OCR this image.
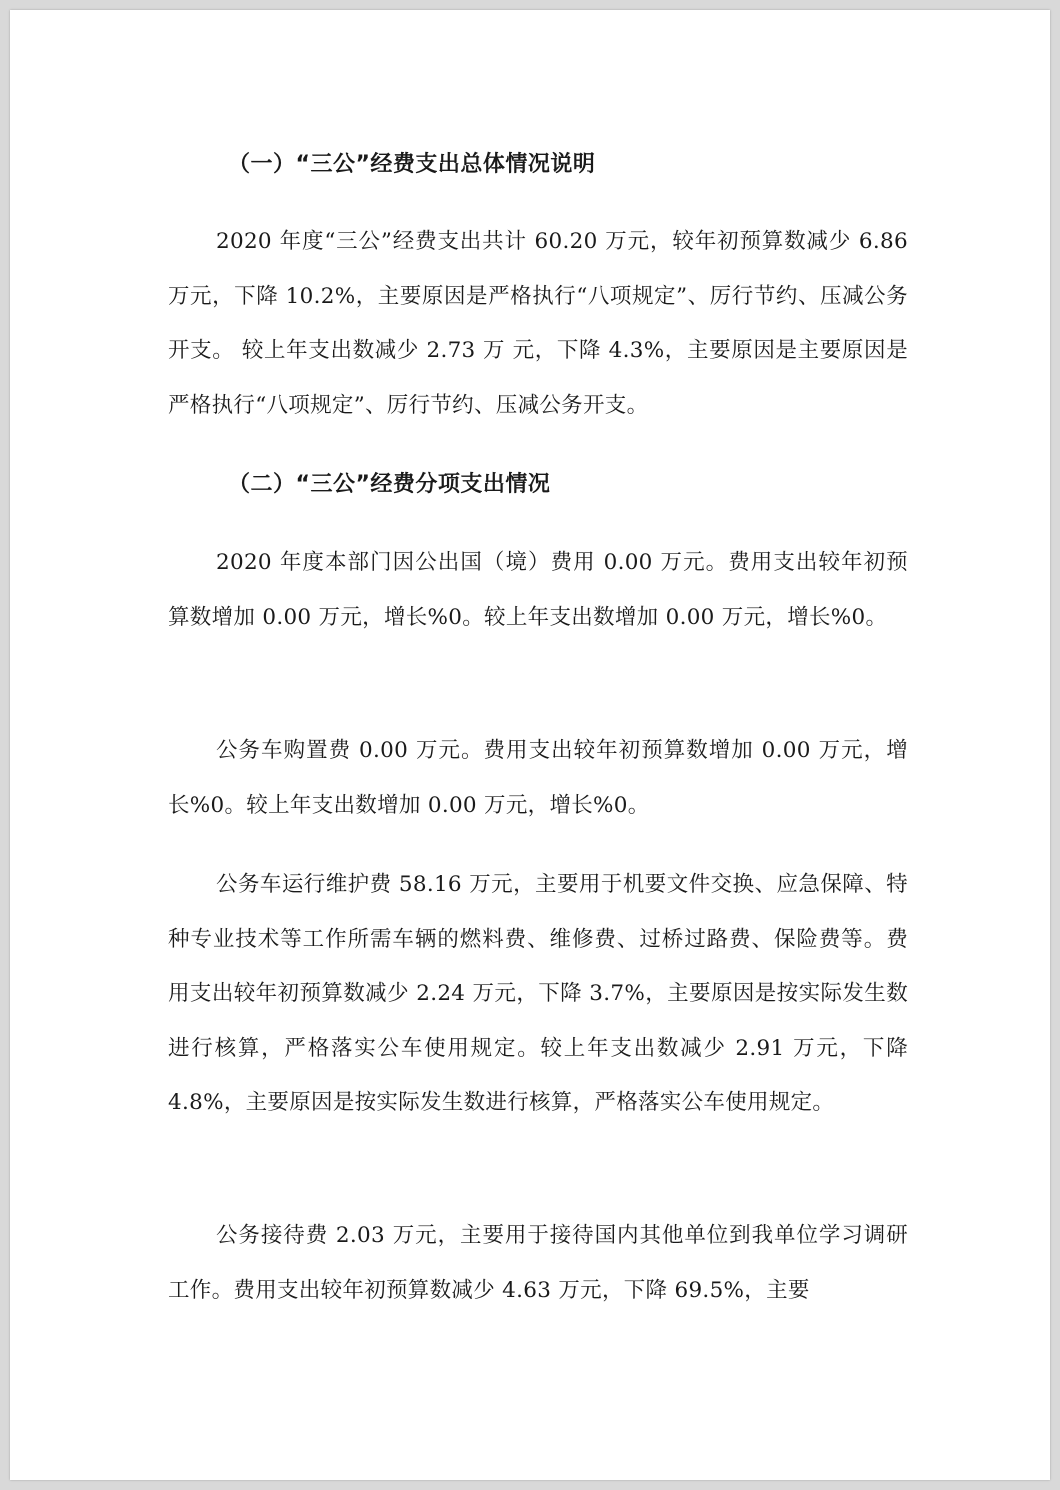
（一）“三公”经费支出总体情况说明

2020 年度“三公”经费支出共计 60.20 万元，较年初预算数减少 6.86 万元，下降 10.2%，主要原因是严格执行“八项规定”、厉行节约、压减公务开支。 较上年支出数减少 2.73 万 元，下降 4.3%，主要原因是主要原因是严格执行“八项规定”、厉行节约、压减公务开支。

（二）“三公”经费分项支出情况

2020 年度本部门因公出国（境）费用 0.00 万元。费用支出较年初预算数增加 0.00 万元，增长%0。较上年支出数增加 0.00 万元，增长%0。

公务车购置费 0.00 万元。费用支出较年初预算数增加 0.00 万元，增长%0。较上年支出数增加 0.00 万元，增长%0。

公务车运行维护费 58.16 万元，主要用于机要文件交换、应急保障、特种专业技术等工作所需车辆的燃料费、维修费、过桥过路费、保险费等。费用支出较年初预算数减少 2.24 万元，下降 3.7%，主要原因是按实际发生数进行核算，严格落实公车使用规定。较上年支出数减少 2.91 万元，下降 4.8%，主要原因是按实际发生数进行核算，严格落实公车使用规定。

公务接待费 2.03 万元，主要用于接待国内其他单位到我单位学习调研工作。费用支出较年初预算数减少 4.63 万元，下降 69.5%，主要
